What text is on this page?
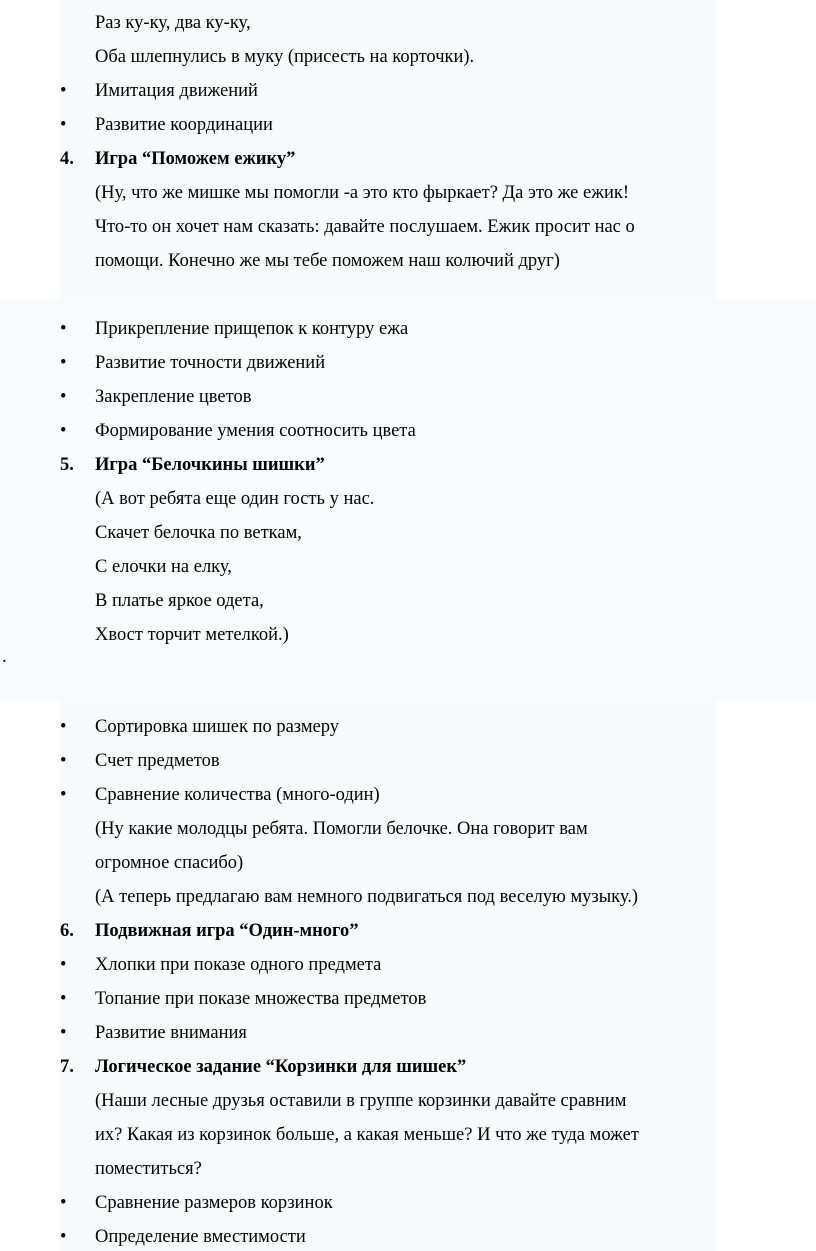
Раз ку-ку, два ку-ку,
Оба шлепнулись в муку (присесть на корточки).
• Имитация движений
• Развитие координации
4. Игра “Поможем ежику”
(Ну, что же мишке мы помогли -а это кто фыркает? Да это же ежик!
Что-то он хочет нам сказать: давайте послушаем. Ежик просит нас о
помощи. Конечно же мы тебе поможем наш колючий друг)
• Прикрепление прищепок к контуру ежа
• Развитие точности движений
• Закрепление цветов
• Формирование умения соотносить цвета
5. Игра “Белочкины шишки”
(А вот ребята еще один гость у нас.
Скачет белочка по веткам,
С елочки на елку,
В платье яркое одета,
Хвост торчит метелкой.)
.
• Сортировка шишек по размеру
• Счет предметов
• Сравнение количества (много-один)
(Ну какие молодцы ребята. Помогли белочке. Она говорит вам
огромное спасибо)
(А теперь предлагаю вам немного подвигаться под веселую музыку.)
6. Подвижная игра “Один-много”
• Хлопки при показе одного предмета
• Топание при показе множества предметов
• Развитие внимания
7. Логическое задание “Корзинки для шишек”
(Наши лесные друзья оставили в группе корзинки давайте сравним
их? Какая из корзинок больше, а какая меньше? И что же туда может
поместиться?
• Сравнение размеров корзинок
• Определение вместимости
